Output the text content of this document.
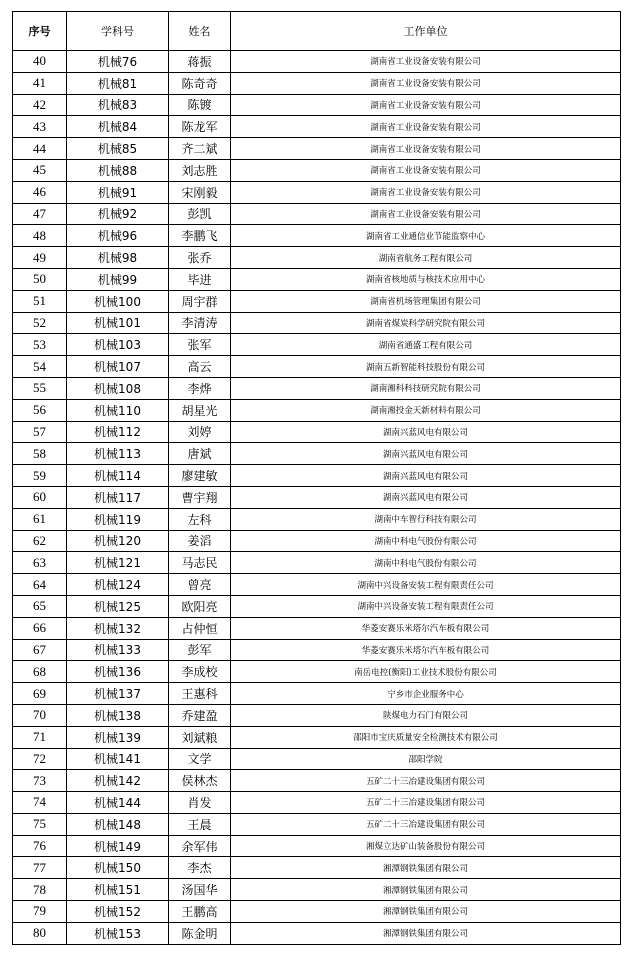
序号	学科号	姓名	工作单位
40	机械76	蒋振	湖南省工业设备安装有限公司
41	机械81	陈奇奇	湖南省工业设备安装有限公司
42	机械83	陈镀	湖南省工业设备安装有限公司
43	机械84	陈龙军	湖南省工业设备安装有限公司
44	机械85	齐二斌	湖南省工业设备安装有限公司
45	机械88	刘志胜	湖南省工业设备安装有限公司
46	机械91	宋刚毅	湖南省工业设备安装有限公司
47	机械92	彭凯	湖南省工业设备安装有限公司
48	机械96	李鹏飞	湖南省工业通信业节能监察中心
49	机械98	张乔	湖南省航务工程有限公司
50	机械99	毕进	湖南省核地质与核技术应用中心
51	机械100	周宇群	湖南省机场管理集团有限公司
52	机械101	李清涛	湖南省煤炭科学研究院有限公司
53	机械103	张军	湖南省通盛工程有限公司
54	机械107	高云	湖南五新智能科技股份有限公司
55	机械108	李烨	湖南湘科科技研究院有限公司
56	机械110	胡星光	湖南湘投金天新材料有限公司
57	机械112	刘婷	湖南兴蓝风电有限公司
58	机械113	唐斌	湖南兴蓝风电有限公司
59	机械114	廖建敏	湖南兴蓝风电有限公司
60	机械117	曹宇翔	湖南兴蓝风电有限公司
61	机械119	左科	湖南中车智行科技有限公司
62	机械120	姜滔	湖南中科电气股份有限公司
63	机械121	马志民	湖南中科电气股份有限公司
64	机械124	曾亮	湖南中兴设备安装工程有限责任公司
65	机械125	欧阳亮	湖南中兴设备安装工程有限责任公司
66	机械132	占仲恒	华菱安赛乐米塔尔汽车板有限公司
67	机械133	彭军	华菱安赛乐米塔尔汽车板有限公司
68	机械136	李成校	南岳电控(衡阳)工业技术股份有限公司
69	机械137	王惠科	宁乡市企业服务中心
70	机械138	乔建盈	陕煤电力石门有限公司
71	机械139	刘斌粮	邵阳市宝庆质量安全检测技术有限公司
72	机械141	文学	邵阳学院
73	机械142	侯林杰	五矿二十三冶建设集团有限公司
74	机械144	肖发	五矿二十三冶建设集团有限公司
75	机械148	王晨	五矿二十三冶建设集团有限公司
76	机械149	余军伟	湘煤立达矿山装备股份有限公司
77	机械150	李杰	湘潭钢铁集团有限公司
78	机械151	汤国华	湘潭钢铁集团有限公司
79	机械152	王鹏高	湘潭钢铁集团有限公司
80	机械153	陈金明	湘潭钢铁集团有限公司
